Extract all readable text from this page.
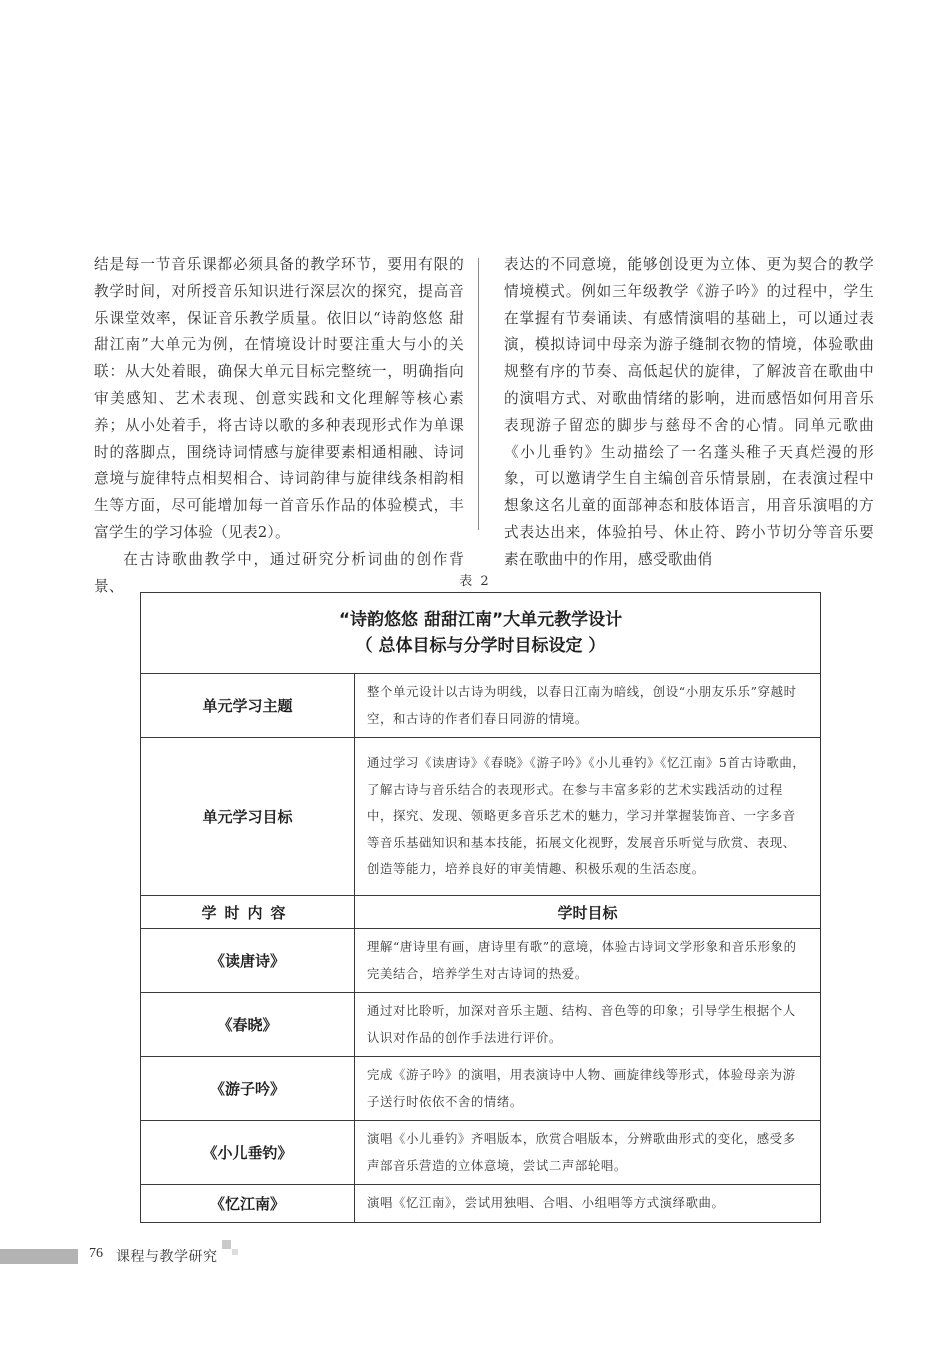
结是每一节音乐课都必须具备的教学环节，要用有限的教学时间，对所授音乐知识进行深层次的探究，提高音乐课堂效率，保证音乐教学质量。依旧以“诗韵悠悠 甜甜江南”大单元为例，在情境设计时要注重大与小的关联：从大处着眼，确保大单元目标完整统一，明确指向审美感知、艺术表现、创意实践和文化理解等核心素养；从小处着手，将古诗以歌的多种表现形式作为单课时的落脚点，围绕诗词情感与旋律要素相通相融、诗词意境与旋律特点相契相合、诗词韵律与旋律线条相韵相生等方面，尽可能增加每一首音乐作品的体验模式，丰富学生的学习体验（见表2）。

在古诗歌曲教学中，通过研究分析词曲的创作背景、

表达的不同意境，能够创设更为立体、更为契合的教学情境模式。例如三年级教学《游子吟》的过程中，学生在掌握有节奏诵读、有感情演唱的基础上，可以通过表演，模拟诗词中母亲为游子缝制衣物的情境，体验歌曲规整有序的节奏、高低起伏的旋律，了解波音在歌曲中的演唱方式、对歌曲情绪的影响，进而感悟如何用音乐表现游子留恋的脚步与慈母不舍的心情。同单元歌曲《小儿垂钓》生动描绘了一名蓬头稚子天真烂漫的形象，可以邀请学生自主编创音乐情景剧，在表演过程中想象这名儿童的面部神态和肢体语言，用音乐演唱的方式表达出来，体验拍号、休止符、跨小节切分等音乐要素在歌曲中的作用，感受歌曲俏

表 2
“诗韵悠悠 甜甜江南”大单元教学设计
（ 总体目标与分学时目标设定 ）	

单元学习主题	整个单元设计以古诗为明线，以春日江南为暗线，创设“小朋友乐乐”穿越时空，和古诗的作者们春日同游的情境。
单元学习目标	通过学习《读唐诗》《春晓》《游子吟》《小儿垂钓》《忆江南》5首古诗歌曲，了解古诗与音乐结合的表现形式。在参与丰富多彩的艺术实践活动的过程中，探究、发现、领略更多音乐艺术的魅力，学习并掌握装饰音、一字多音等音乐基础知识和基本技能，拓展文化视野，发展音乐听觉与欣赏、表现、创造等能力，培养良好的审美情趣、积极乐观的生活态度。
学时内容	学时目标
《读唐诗》	理解“唐诗里有画，唐诗里有歌”的意境，体验古诗词文学形象和音乐形象的完美结合，培养学生对古诗词的热爱。
《春晓》	通过对比聆听，加深对音乐主题、结构、音色等的印象；引导学生根据个人认识对作品的创作手法进行评价。
《游子吟》	完成《游子吟》的演唱，用表演诗中人物、画旋律线等形式，体验母亲为游子送行时依依不舍的情绪。
《小儿垂钓》	演唱《小儿垂钓》齐唱版本，欣赏合唱版本，分辨歌曲形式的变化，感受多声部音乐营造的立体意境，尝试二声部轮唱。
《忆江南》	演唱《忆江南》，尝试用独唱、合唱、小组唱等方式演绎歌曲。
76 课程与教学研究
